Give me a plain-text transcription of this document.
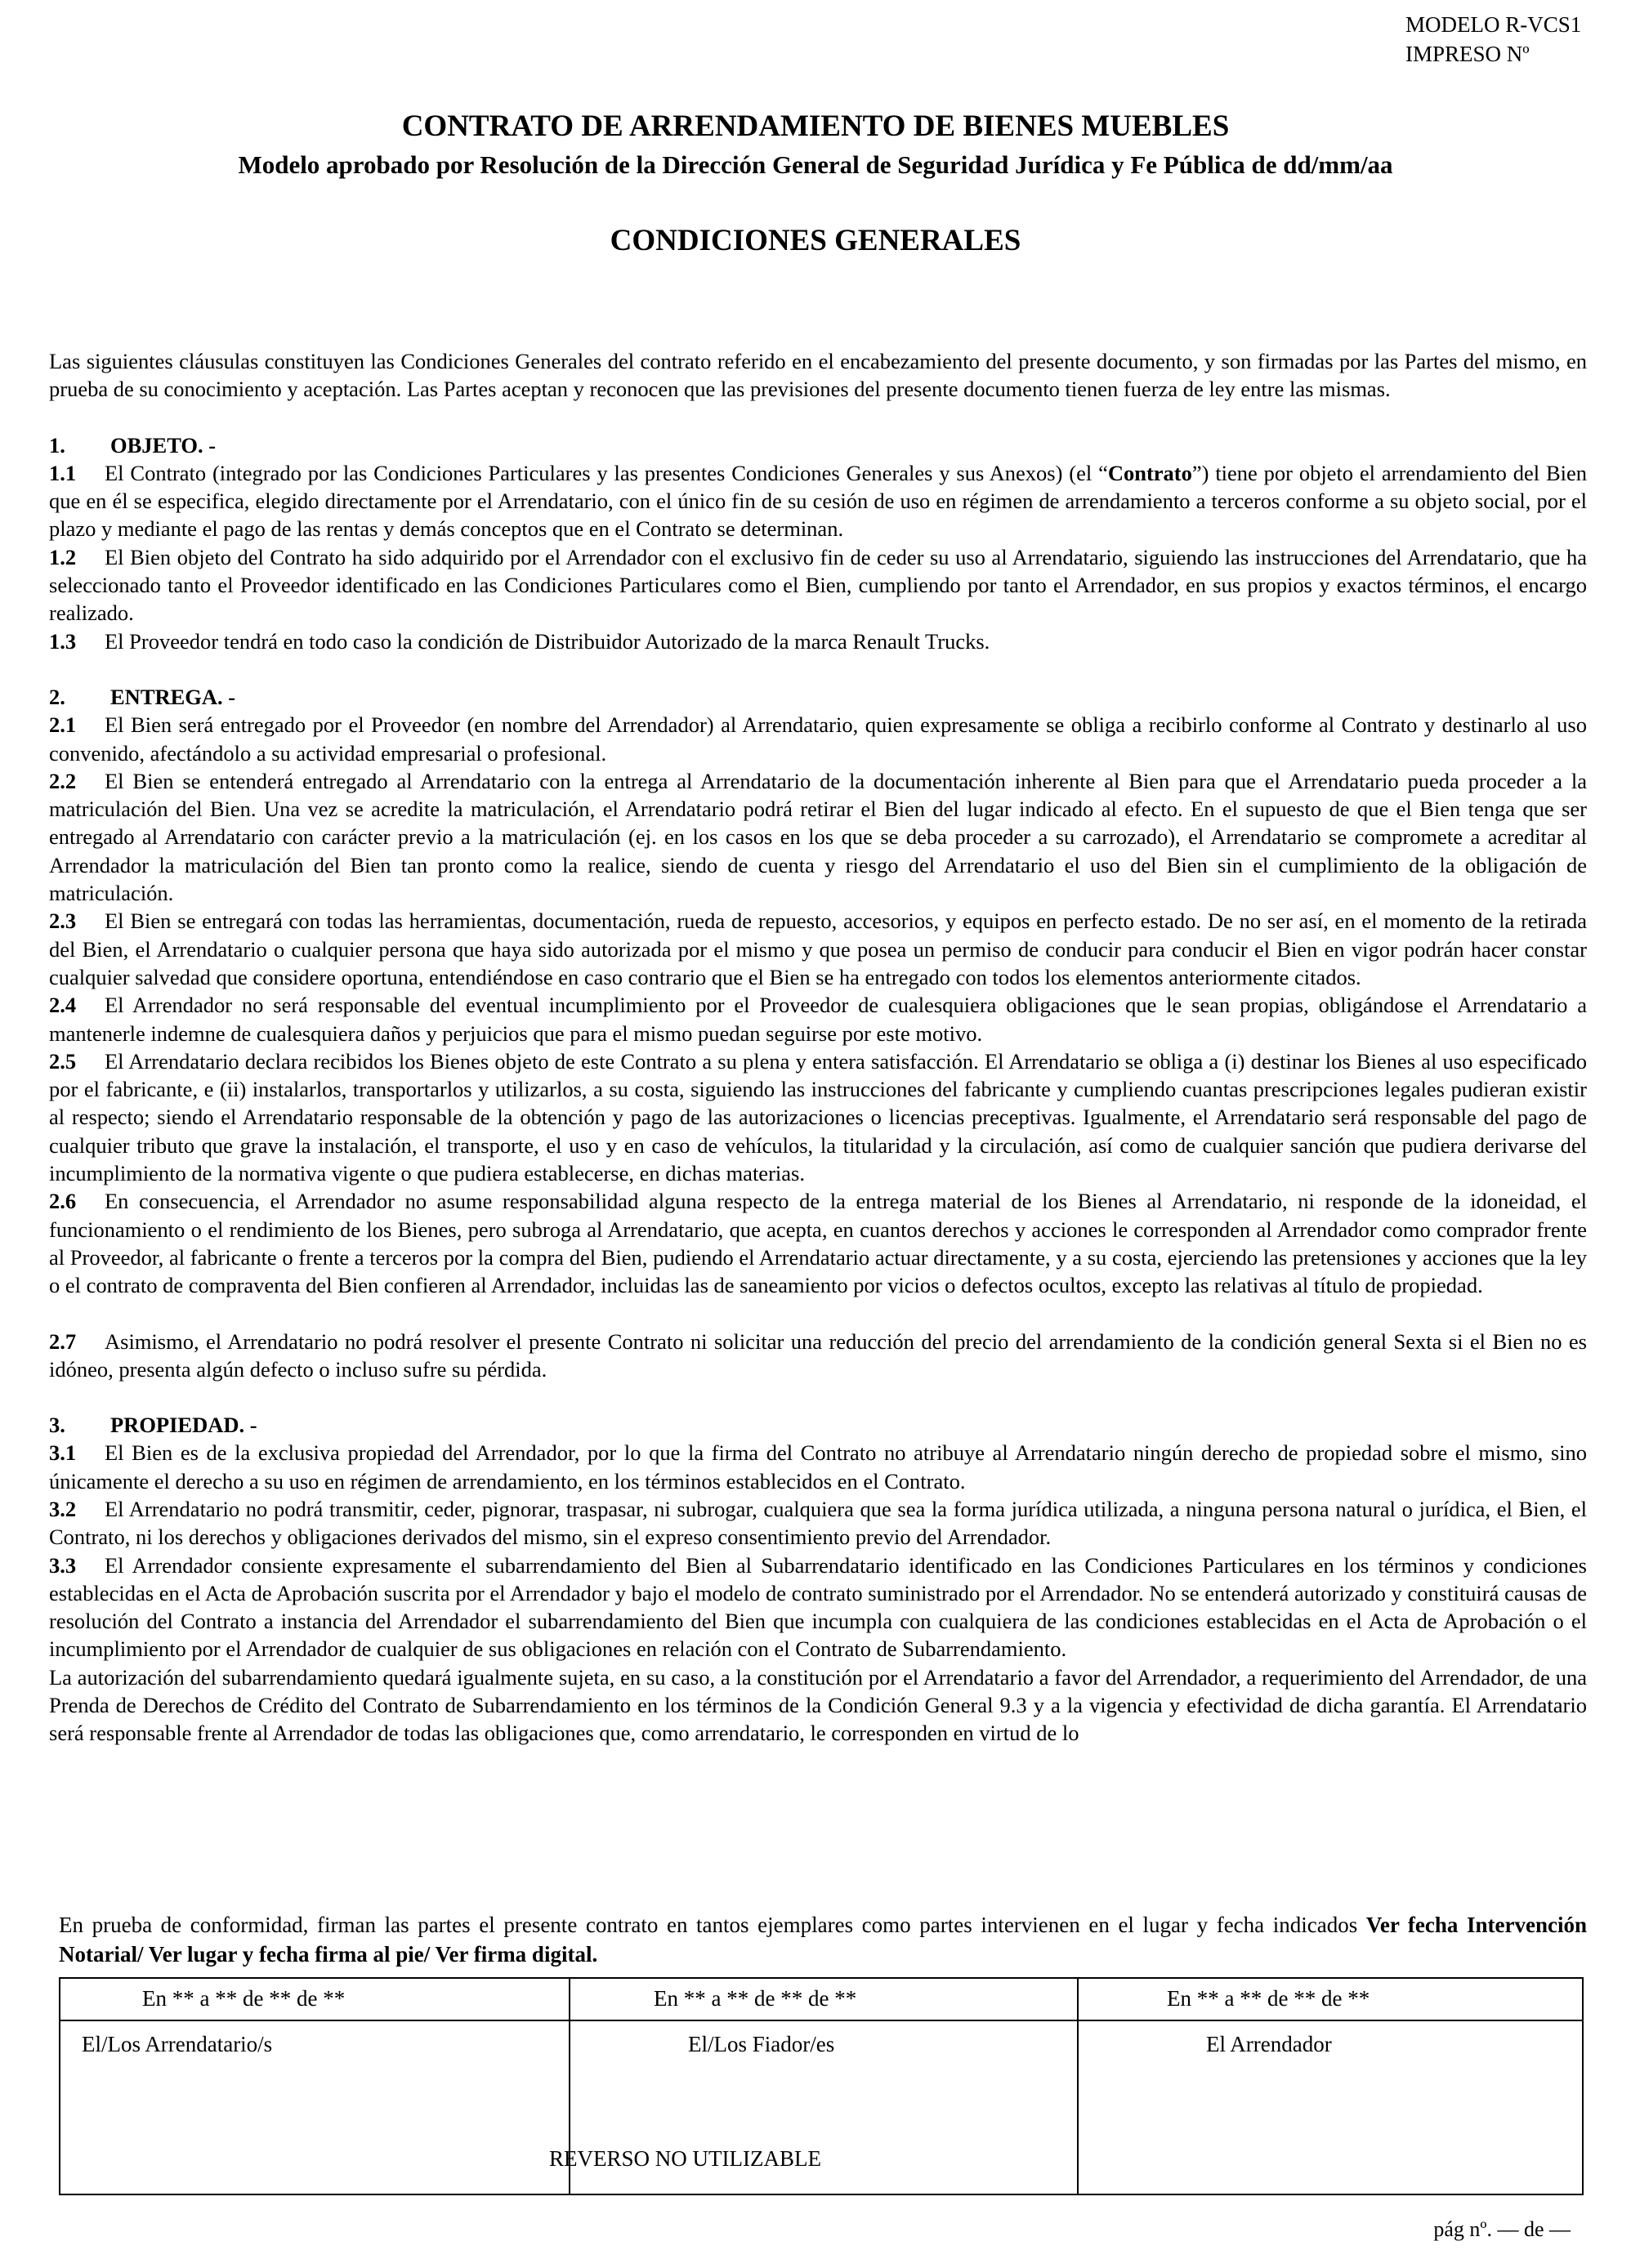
MODELO R-VCS1
IMPRESO Nº
CONTRATO DE ARRENDAMIENTO DE BIENES MUEBLES
Modelo aprobado por Resolución de la Dirección General de Seguridad Jurídica y Fe Pública de dd/mm/aa
CONDICIONES GENERALES

Las siguientes cláusulas constituyen las Condiciones Generales del contrato referido en el encabezamiento del presente documento, y son firmadas por las Partes del mismo, en prueba de su conocimiento y aceptación. Las Partes aceptan y reconocen que las previsiones del presente documento tienen fuerza de ley entre las mismas.

1. OBJETO. -

1.1 El Contrato (integrado por las Condiciones Particulares y las presentes Condiciones Generales y sus Anexos) (el “Contrato”) tiene por objeto el arrendamiento del Bien que en él se especifica, elegido directamente por el Arrendatario, con el único fin de su cesión de uso en régimen de arrendamiento a terceros conforme a su objeto social, por el plazo y mediante el pago de las rentas y demás conceptos que en el Contrato se determinan.

1.2 El Bien objeto del Contrato ha sido adquirido por el Arrendador con el exclusivo fin de ceder su uso al Arrendatario, siguiendo las instrucciones del Arrendatario, que ha seleccionado tanto el Proveedor identificado en las Condiciones Particulares como el Bien, cumpliendo por tanto el Arrendador, en sus propios y exactos términos, el encargo realizado.

1.3 El Proveedor tendrá en todo caso la condición de Distribuidor Autorizado de la marca Renault Trucks.

2. ENTREGA. -

2.1 El Bien será entregado por el Proveedor (en nombre del Arrendador) al Arrendatario, quien expresamente se obliga a recibirlo conforme al Contrato y destinarlo al uso convenido, afectándolo a su actividad empresarial o profesional.

2.2 El Bien se entenderá entregado al Arrendatario con la entrega al Arrendatario de la documentación inherente al Bien para que el Arrendatario pueda proceder a la matriculación del Bien. Una vez se acredite la matriculación, el Arrendatario podrá retirar el Bien del lugar indicado al efecto. En el supuesto de que el Bien tenga que ser entregado al Arrendatario con carácter previo a la matriculación (ej. en los casos en los que se deba proceder a su carrozado), el Arrendatario se compromete a acreditar al Arrendador la matriculación del Bien tan pronto como la realice, siendo de cuenta y riesgo del Arrendatario el uso del Bien sin el cumplimiento de la obligación de matriculación.

2.3 El Bien se entregará con todas las herramientas, documentación, rueda de repuesto, accesorios, y equipos en perfecto estado. De no ser así, en el momento de la retirada del Bien, el Arrendatario o cualquier persona que haya sido autorizada por el mismo y que posea un permiso de conducir para conducir el Bien en vigor podrán hacer constar cualquier salvedad que considere oportuna, entendiéndose en caso contrario que el Bien se ha entregado con todos los elementos anteriormente citados.

2.4 El Arrendador no será responsable del eventual incumplimiento por el Proveedor de cualesquiera obligaciones que le sean propias, obligándose el Arrendatario a mantenerle indemne de cualesquiera daños y perjuicios que para el mismo puedan seguirse por este motivo.

2.5 El Arrendatario declara recibidos los Bienes objeto de este Contrato a su plena y entera satisfacción. El Arrendatario se obliga a (i) destinar los Bienes al uso especificado por el fabricante, e (ii) instalarlos, transportarlos y utilizarlos, a su costa, siguiendo las instrucciones del fabricante y cumpliendo cuantas prescripciones legales pudieran existir al respecto; siendo el Arrendatario responsable de la obtención y pago de las autorizaciones o licencias preceptivas. Igualmente, el Arrendatario será responsable del pago de cualquier tributo que grave la instalación, el transporte, el uso y en caso de vehículos, la titularidad y la circulación, así como de cualquier sanción que pudiera derivarse del incumplimiento de la normativa vigente o que pudiera establecerse, en dichas materias.

2.6 En consecuencia, el Arrendador no asume responsabilidad alguna respecto de la entrega material de los Bienes al Arrendatario, ni responde de la idoneidad, el funcionamiento o el rendimiento de los Bienes, pero subroga al Arrendatario, que acepta, en cuantos derechos y acciones le corresponden al Arrendador como comprador frente al Proveedor, al fabricante o frente a terceros por la compra del Bien, pudiendo el Arrendatario actuar directamente, y a su costa, ejerciendo las pretensiones y acciones que la ley o el contrato de compraventa del Bien confieren al Arrendador, incluidas las de saneamiento por vicios o defectos ocultos, excepto las relativas al título de propiedad.

2.7 Asimismo, el Arrendatario no podrá resolver el presente Contrato ni solicitar una reducción del precio del arrendamiento de la condición general Sexta si el Bien no es idóneo, presenta algún defecto o incluso sufre su pérdida.

3. PROPIEDAD. -

3.1 El Bien es de la exclusiva propiedad del Arrendador, por lo que la firma del Contrato no atribuye al Arrendatario ningún derecho de propiedad sobre el mismo, sino únicamente el derecho a su uso en régimen de arrendamiento, en los términos establecidos en el Contrato.

3.2 El Arrendatario no podrá transmitir, ceder, pignorar, traspasar, ni subrogar, cualquiera que sea la forma jurídica utilizada, a ninguna persona natural o jurídica, el Bien, el Contrato, ni los derechos y obligaciones derivados del mismo, sin el expreso consentimiento previo del Arrendador.

3.3 El Arrendador consiente expresamente el subarrendamiento del Bien al Subarrendatario identificado en las Condiciones Particulares en los términos y condiciones establecidas en el Acta de Aprobación suscrita por el Arrendador y bajo el modelo de contrato suministrado por el Arrendador. No se entenderá autorizado y constituirá causas de resolución del Contrato a instancia del Arrendador el subarrendamiento del Bien que incumpla con cualquiera de las condiciones establecidas en el Acta de Aprobación o el incumplimiento por el Arrendador de cualquier de sus obligaciones en relación con el Contrato de Subarrendamiento.

La autorización del subarrendamiento quedará igualmente sujeta, en su caso, a la constitución por el Arrendatario a favor del Arrendador, a requerimiento del Arrendador, de una Prenda de Derechos de Crédito del Contrato de Subarrendamiento en los términos de la Condición General 9.3 y a la vigencia y efectividad de dicha garantía. El Arrendatario será responsable frente al Arrendador de todas las obligaciones que, como arrendatario, le corresponden en virtud de lo

En prueba de conformidad, firman las partes el presente contrato en tantos ejemplares como partes intervienen en el lugar y fecha indicados Ver fecha Intervención Notarial/ Ver lugar y fecha firma al pie/ Ver firma digital.
En ** a ** de ** de **	En ** a ** de ** de **	En ** a ** de ** de **
El/Los Arrendatario/s	El/Los Fiador/es	El Arrendador
REVERSO NO UTILIZABLE
pág nº. — de —
